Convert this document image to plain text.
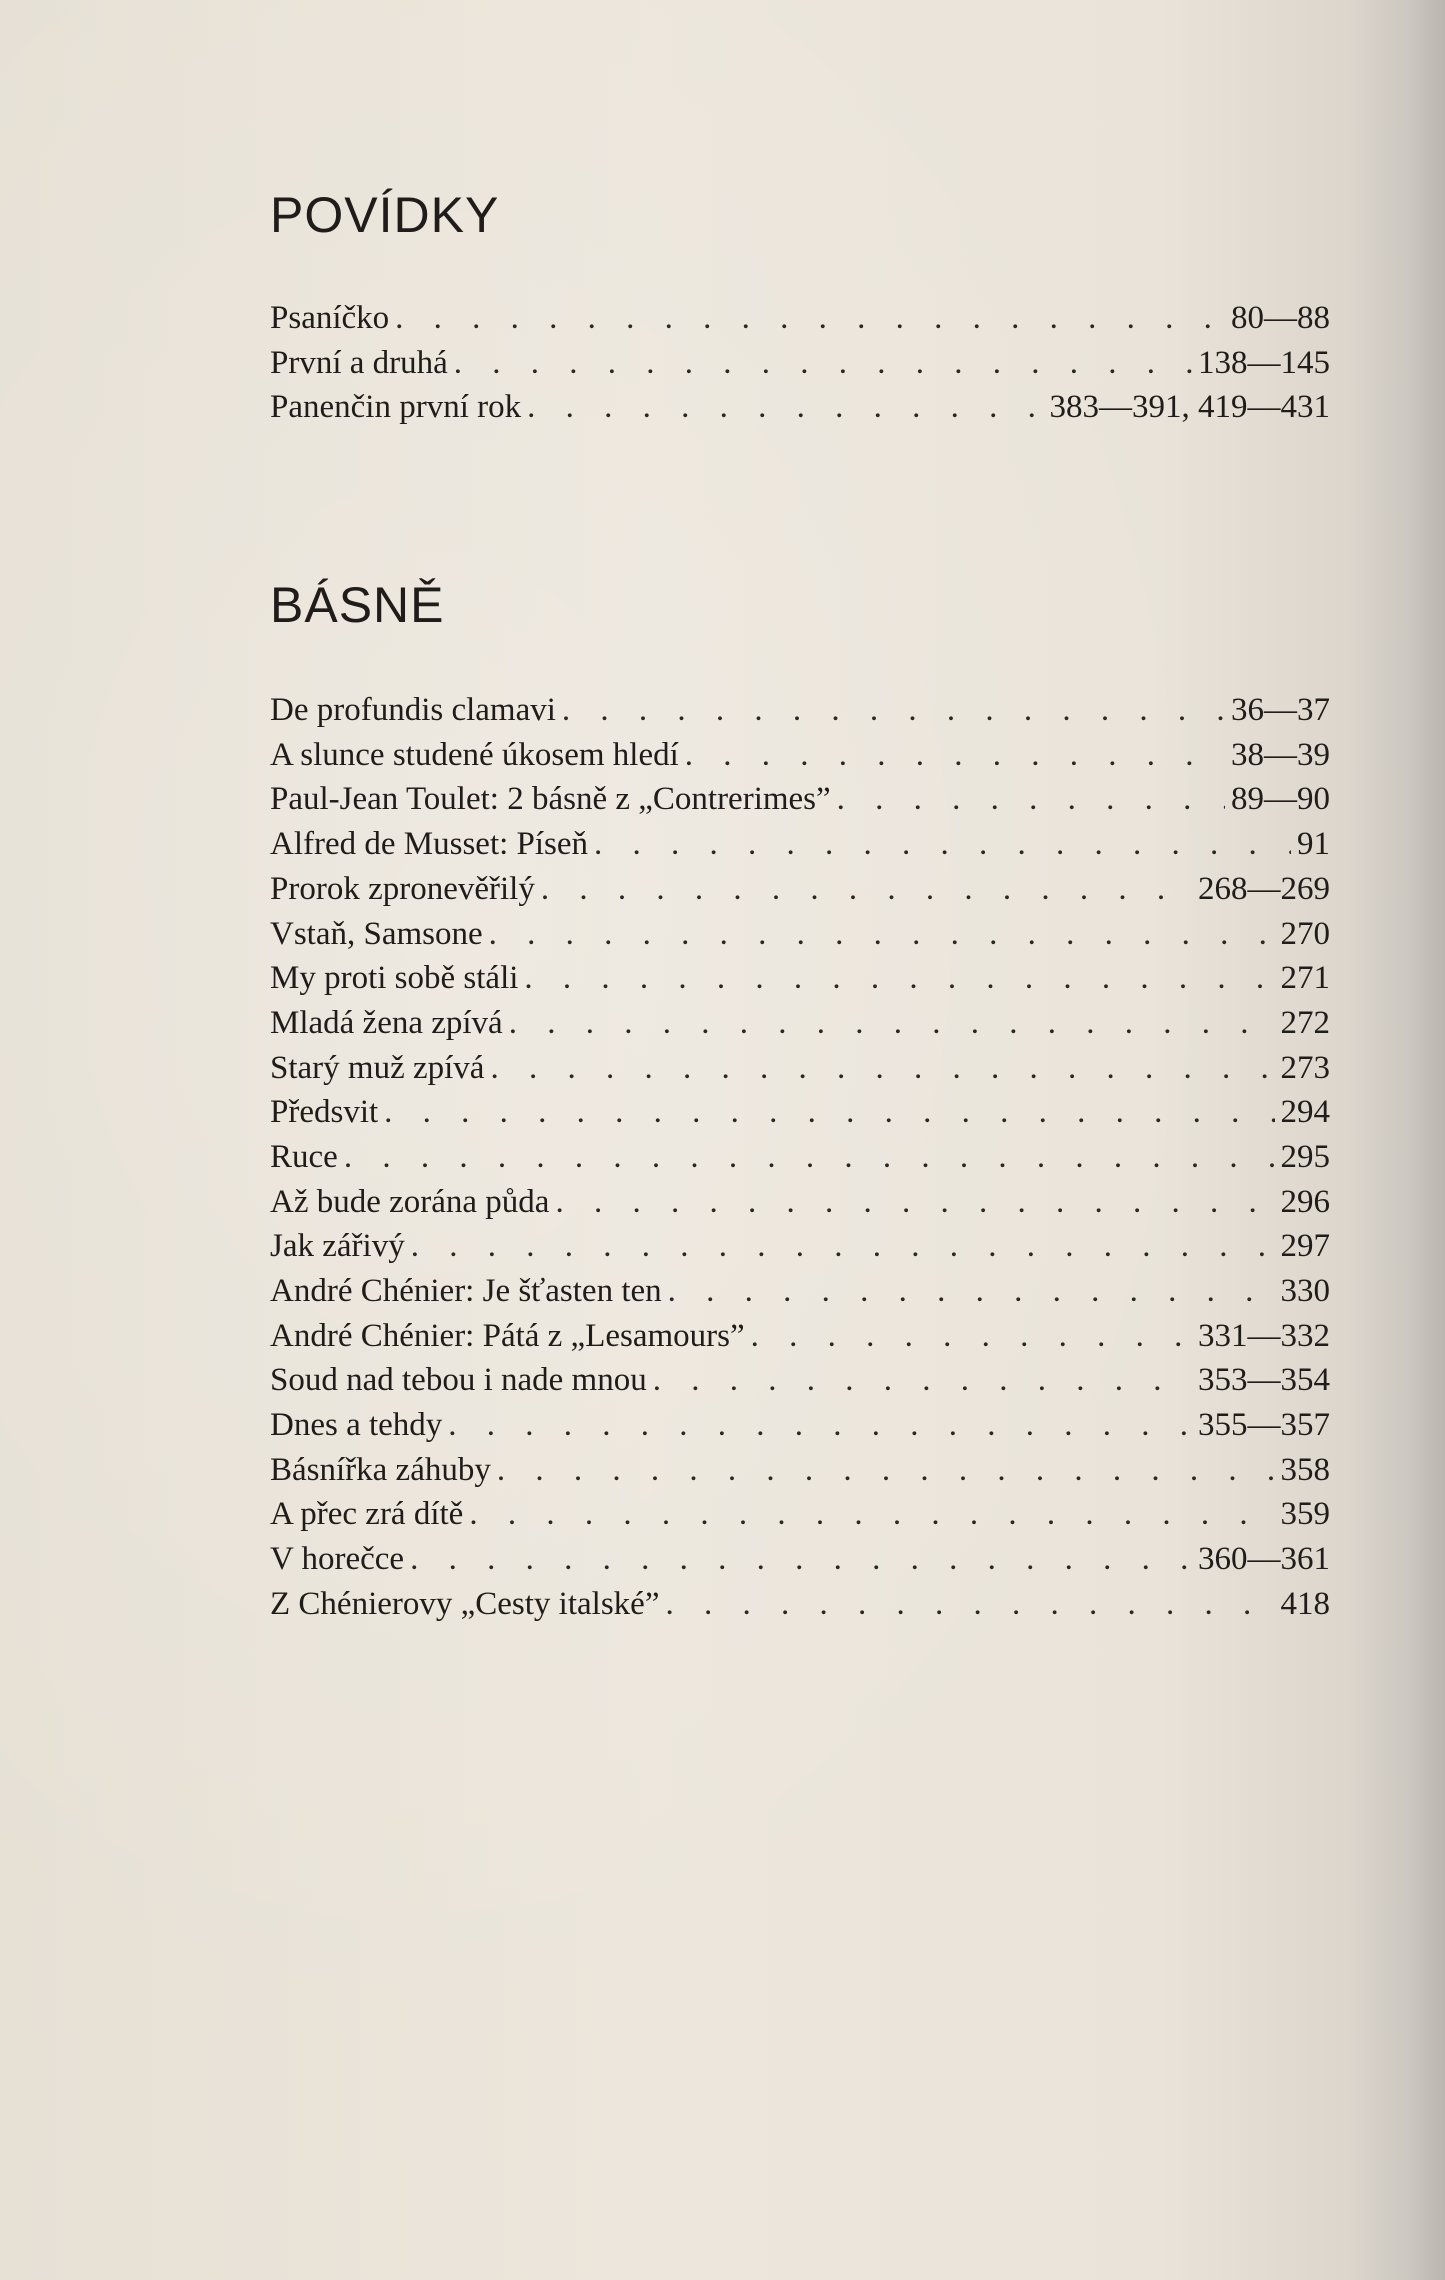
POVÍDKY
Psaníčko . . .	80—88
První a druhá . . .	138—145
Panenčin první rok . . .	383—391, 419—431
BÁSNĚ
De profundis clamavi . . .	36—37
A slunce studené úkosem hledí . . .	38—39
Paul-Jean Toulet: 2 básně z „Contrerimes” . . .	89—90
Alfred de Musset: Píseň . . .	91
Prorok zpronevěřilý . . .	268—269
Vstaň, Samsone . . .	270
My proti sobě stáli . . .	271
Mladá žena zpívá . . .	272
Starý muž zpívá . . .	273
Předsvit . . .	294
Ruce . . .	295
Až bude zorána půda . . .	296
Jak zářivý . . .	297
André Chénier: Je šťasten ten . . .	330
André Chénier: Pátá z „Lesamours” . . .	331—332
Soud nad tebou i nade mnou . . .	353—354
Dnes a tehdy . . .	355—357
Básnířka záhuby . . .	358
A přec zrá dítě . . .	359
V horečce . . .	360—361
Z Chénierovy „Cesty italské” . . .	418
